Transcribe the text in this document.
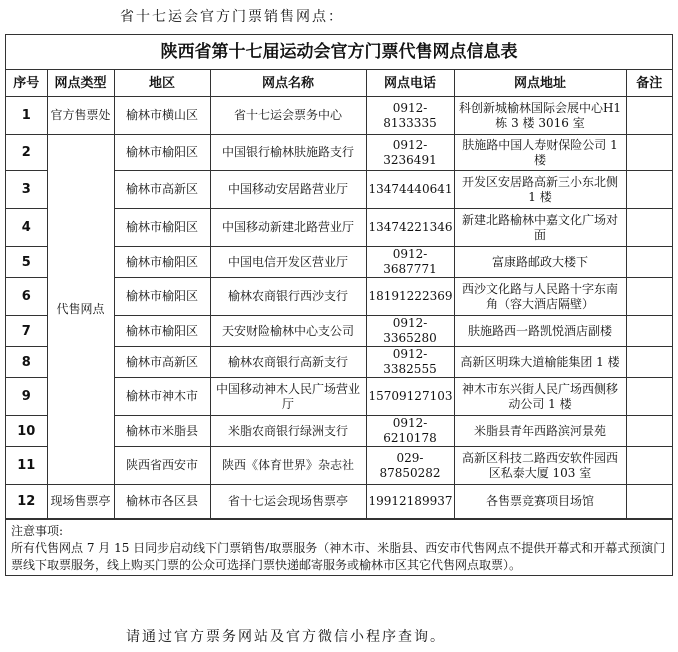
省十七运会官方门票销售网点：
陕西省第十七届运动会官方门票代售网点信息表
序号	网点类型	地区	网点名称	网点电话	网点地址	备注
1	官方售票处	榆林市横山区	省十七运会票务中心	0912-8133335	科创新城榆林国际会展中心H1栋 3 楼 3016 室	
2	代售网点	榆林市榆阳区	中国银行榆林肤施路支行	0912-3236491	肤施路中国人寿财保险公司 1楼	
3		榆林市高新区	中国移动安居路营业厅	13474440641	开发区安居路高新三小东北侧 1 楼	
4		榆林市榆阳区	中国移动新建北路营业厅	13474221346	新建北路榆林中嘉文化广场对面	
5		榆林市榆阳区	中国电信开发区营业厅	0912-3687771	富康路邮政大楼下	
6		榆林市榆阳区	榆林农商银行西沙支行	18191222369	西沙文化路与人民路十字东南角（容大酒店隔壁）	
7		榆林市榆阳区	天安财险榆林中心支公司	0912-3365280	肤施路西一路凯悦酒店副楼	
8		榆林市高新区	榆林农商银行高新支行	0912-3382555	高新区明珠大道榆能集团 1 楼	
9		榆林市神木市	中国移动神木人民广场营业厅	15709127103	神木市东兴街人民广场西侧移动公司 1 楼	
10		榆林市米脂县	米脂农商银行绿洲支行	0912-6210178	米脂县青年西路滨河景苑	
11		陕西省西安市	陕西《体育世界》杂志社	029-87850282	高新区科技二路西安软件园西区私泰大厦 103 室	
12	现场售票亭	榆林市各区县	省十七运会现场售票亭	19912189937	各售票竞赛项目场馆	
注意事项:
所有代售网点 7 月 15 日同步启动线下门票销售/取票服务（神木市、米脂县、西安市代售网点不提供开幕式和开幕式预演门票线下取票服务，线上购买门票的公众可选择门票快递邮寄服务或榆林市区其它代售网点取票）。
请通过官方票务网站及官方微信小程序查询。
